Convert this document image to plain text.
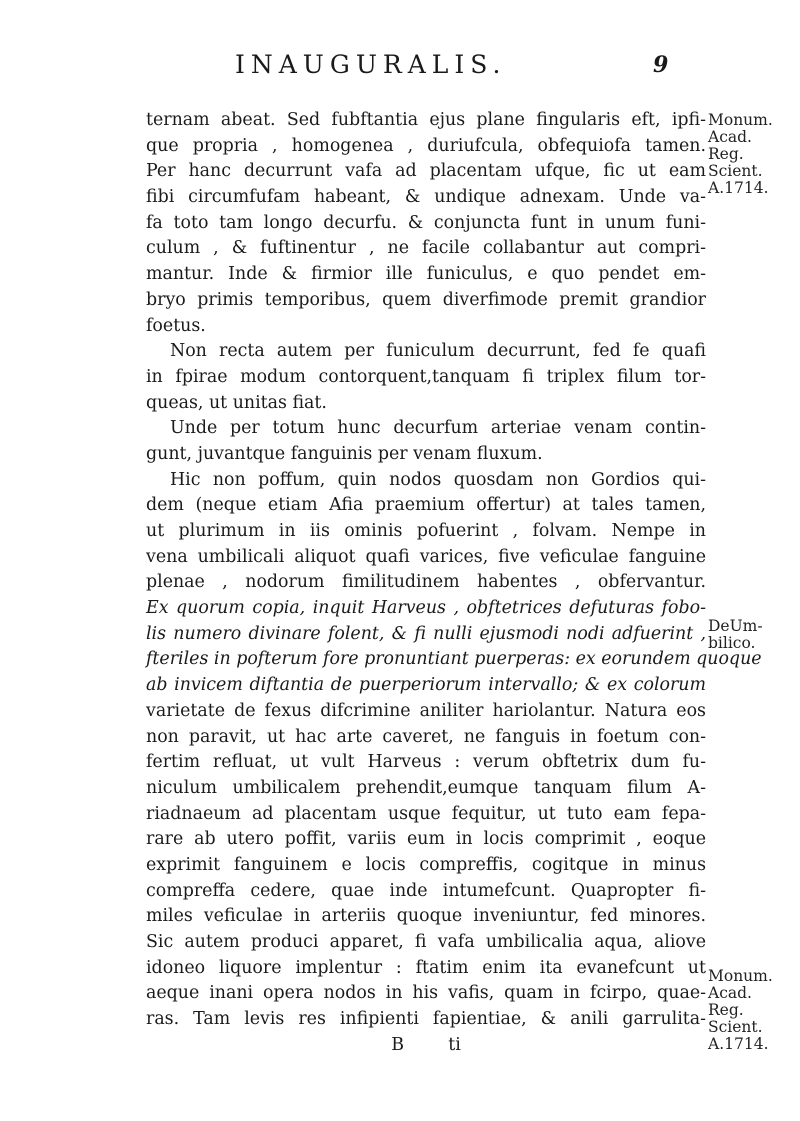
INAUGURALIS.	9
ternam abeat. Sed fubftantia ejus plane fingularis eft, ipfi-
que propria , homogenea , duriufcula, obfequiofa tamen.
Per hanc decurrunt vafa ad placentam ufque, fic ut eam
fibi circumfufam habeant, & undique adnexam. Unde va-
fa toto tam longo decurfu. & conjuncta funt in unum funi-
culum , & fuftinentur , ne facile collabantur aut compri-
mantur. Inde & firmior ille funiculus, e quo pendet em-
bryo primis temporibus, quem diverfimode premit grandior
foetus.
Non recta autem per funiculum decurrunt, fed fe quafi
in fpirae modum contorquent,tanquam fi triplex filum tor-
queas, ut unitas fiat.
Unde per totum hunc decurfum arteriae venam contin-
gunt, juvantque fanguinis per venam fluxum.
Hic non poffum, quin nodos quosdam non Gordios qui-
dem (neque etiam Afia praemium offertur) at tales tamen,
ut plurimum in iis ominis pofuerint , folvam. Nempe in
vena umbilicali aliquot quafi varices, five veficulae fanguine
plenae , nodorum fimilitudinem habentes , obfervantur.
Ex quorum copia, inquit Harveus , obftetrices defuturas fobo-
lis numero divinare folent, & fi nulli ejusmodi nodi adfuerint ,
fteriles in pofterum fore pronuntiant puerperas: ex eorundem quoque
ab invicem diftantia de puerperiorum intervallo; & ex colorum
varietate de fexus difcrimine aniliter hariolantur. Natura eos
non paravit, ut hac arte caveret, ne fanguis in foetum con-
fertim refluat, ut vult Harveus : verum obftetrix dum fu-
niculum umbilicalem prehendit,eumque tanquam filum A-
riadnaeum ad placentam usque fequitur, ut tuto eam fepa-
rare ab utero poffit, variis eum in locis comprimit , eoque
exprimit fanguinem e locis compreffis, cogitque in minus
compreffa cedere, quae inde intumefcunt. Quapropter fi-
miles veficulae in arteriis quoque inveniuntur, fed minores.
Sic autem produci apparet, fi vafa umbilicalia aqua, aliove
idoneo liquore implentur : ftatim enim ita evanefcunt ut
aeque inani opera nodos in his vafis, quam in fcirpo, quae-
ras. Tam levis res infipienti fapientiae, & anili garrulita-
B        ti
Monum.
Acad.
Reg.
Scient.
A.1714.
DeUm-
bilico.
Monum.
Acad.
Reg.
Scient.
A.1714.
